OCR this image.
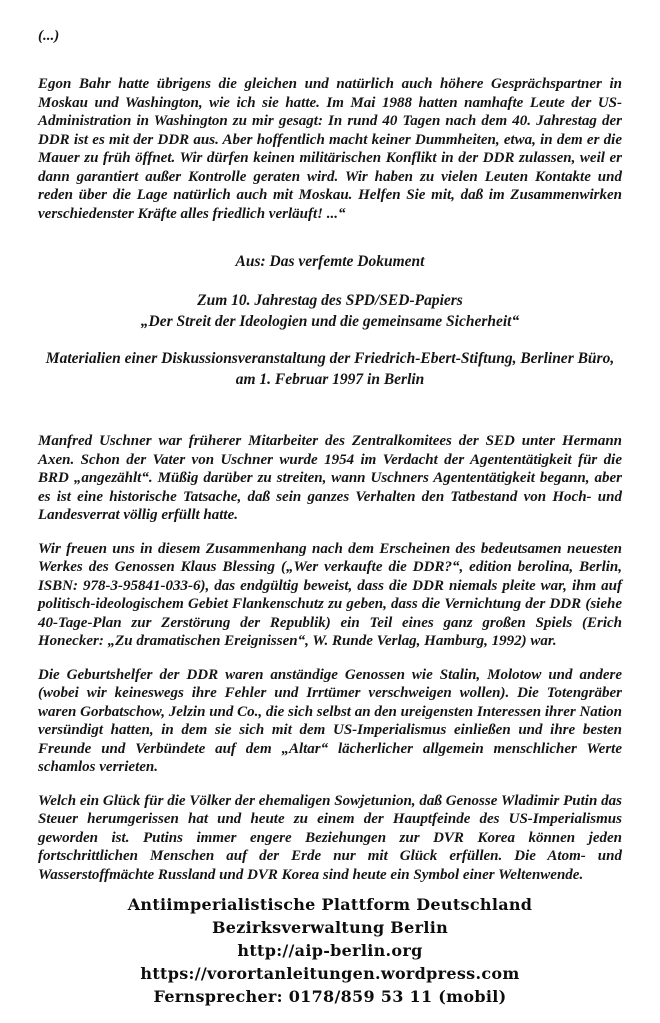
(...)

Egon Bahr hatte übrigens die gleichen und natürlich auch höhere Gesprächspartner in Moskau und Washington, wie ich sie hatte. Im Mai 1988 hatten namhafte Leute der US-Administration in Washington zu mir gesagt: In rund 40 Tagen nach dem 40. Jahrestag der DDR ist es mit der DDR aus. Aber hoffentlich macht keiner Dummheiten, etwa, in dem er die Mauer zu früh öffnet. Wir dürfen keinen militärischen Konflikt in der DDR zulassen, weil er dann garantiert außer Kontrolle geraten wird. Wir haben zu vielen Leuten Kontakte und reden über die Lage natürlich auch mit Moskau. Helfen Sie mit, daß im Zusammenwirken verschiedenster Kräfte alles friedlich verläuft! ...“

Aus: Das verfemte Dokument

Zum 10. Jahrestag des SPD/SED-Papiers
„Der Streit der Ideologien und die gemeinsame Sicherheit“
Materialien einer Diskussionsveranstaltung der Friedrich-Ebert-Stiftung, Berliner Büro,
am 1. Februar 1997 in Berlin

Manfred Uschner war früherer Mitarbeiter des Zentralkomitees der SED unter Hermann Axen. Schon der Vater von Uschner wurde 1954 im Verdacht der Agententätigkeit für die BRD „angezählt“. Müßig darüber zu streiten, wann Uschners Agententätigkeit begann, aber es ist eine historische Tatsache, daß sein ganzes Verhalten den Tatbestand von Hoch- und Landesverrat völlig erfüllt hatte.

Wir freuen uns in diesem Zusammenhang nach dem Erscheinen des bedeutsamen neuesten Werkes des Genossen Klaus Blessing („Wer verkaufte die DDR?“, edition berolina, Berlin, ISBN: 978-3-95841-033-6), das endgültig beweist, dass die DDR niemals pleite war, ihm auf politisch-ideologischem Gebiet Flankenschutz zu geben, dass die Vernichtung der DDR (siehe 40-Tage-Plan zur Zerstörung der Republik) ein Teil eines ganz großen Spiels (Erich Honecker: „Zu dramatischen Ereignissen“, W. Runde Verlag, Hamburg, 1992) war.

Die Geburtshelfer der DDR waren anständige Genossen wie Stalin, Molotow und andere (wobei wir keineswegs ihre Fehler und Irrtümer verschweigen wollen). Die Totengräber waren Gorbatschow, Jelzin und Co., die sich selbst an den ureigensten Interessen ihrer Nation versündigt hatten, in dem sie sich mit dem US-Imperialismus einließen und ihre besten Freunde und Verbündete auf dem „Altar“ lächerlicher allgemein menschlicher Werte schamlos verrieten.

Welch ein Glück für die Völker der ehemaligen Sowjetunion, daß Genosse Wladimir Putin das Steuer herumgerissen hat und heute zu einem der Hauptfeinde des US-Imperialismus geworden ist. Putins immer engere Beziehungen zur DVR Korea können jeden fortschrittlichen Menschen auf der Erde nur mit Glück erfüllen. Die Atom- und Wasserstoffmächte Russland und DVR Korea sind heute ein Symbol einer Weltenwende.

Antiimperialistische Plattform Deutschland
Bezirksverwaltung Berlin
http://aip-berlin.org
https://vorortanleitungen.wordpress.com
Fernsprecher: 0178/859 53 11 (mobil)
